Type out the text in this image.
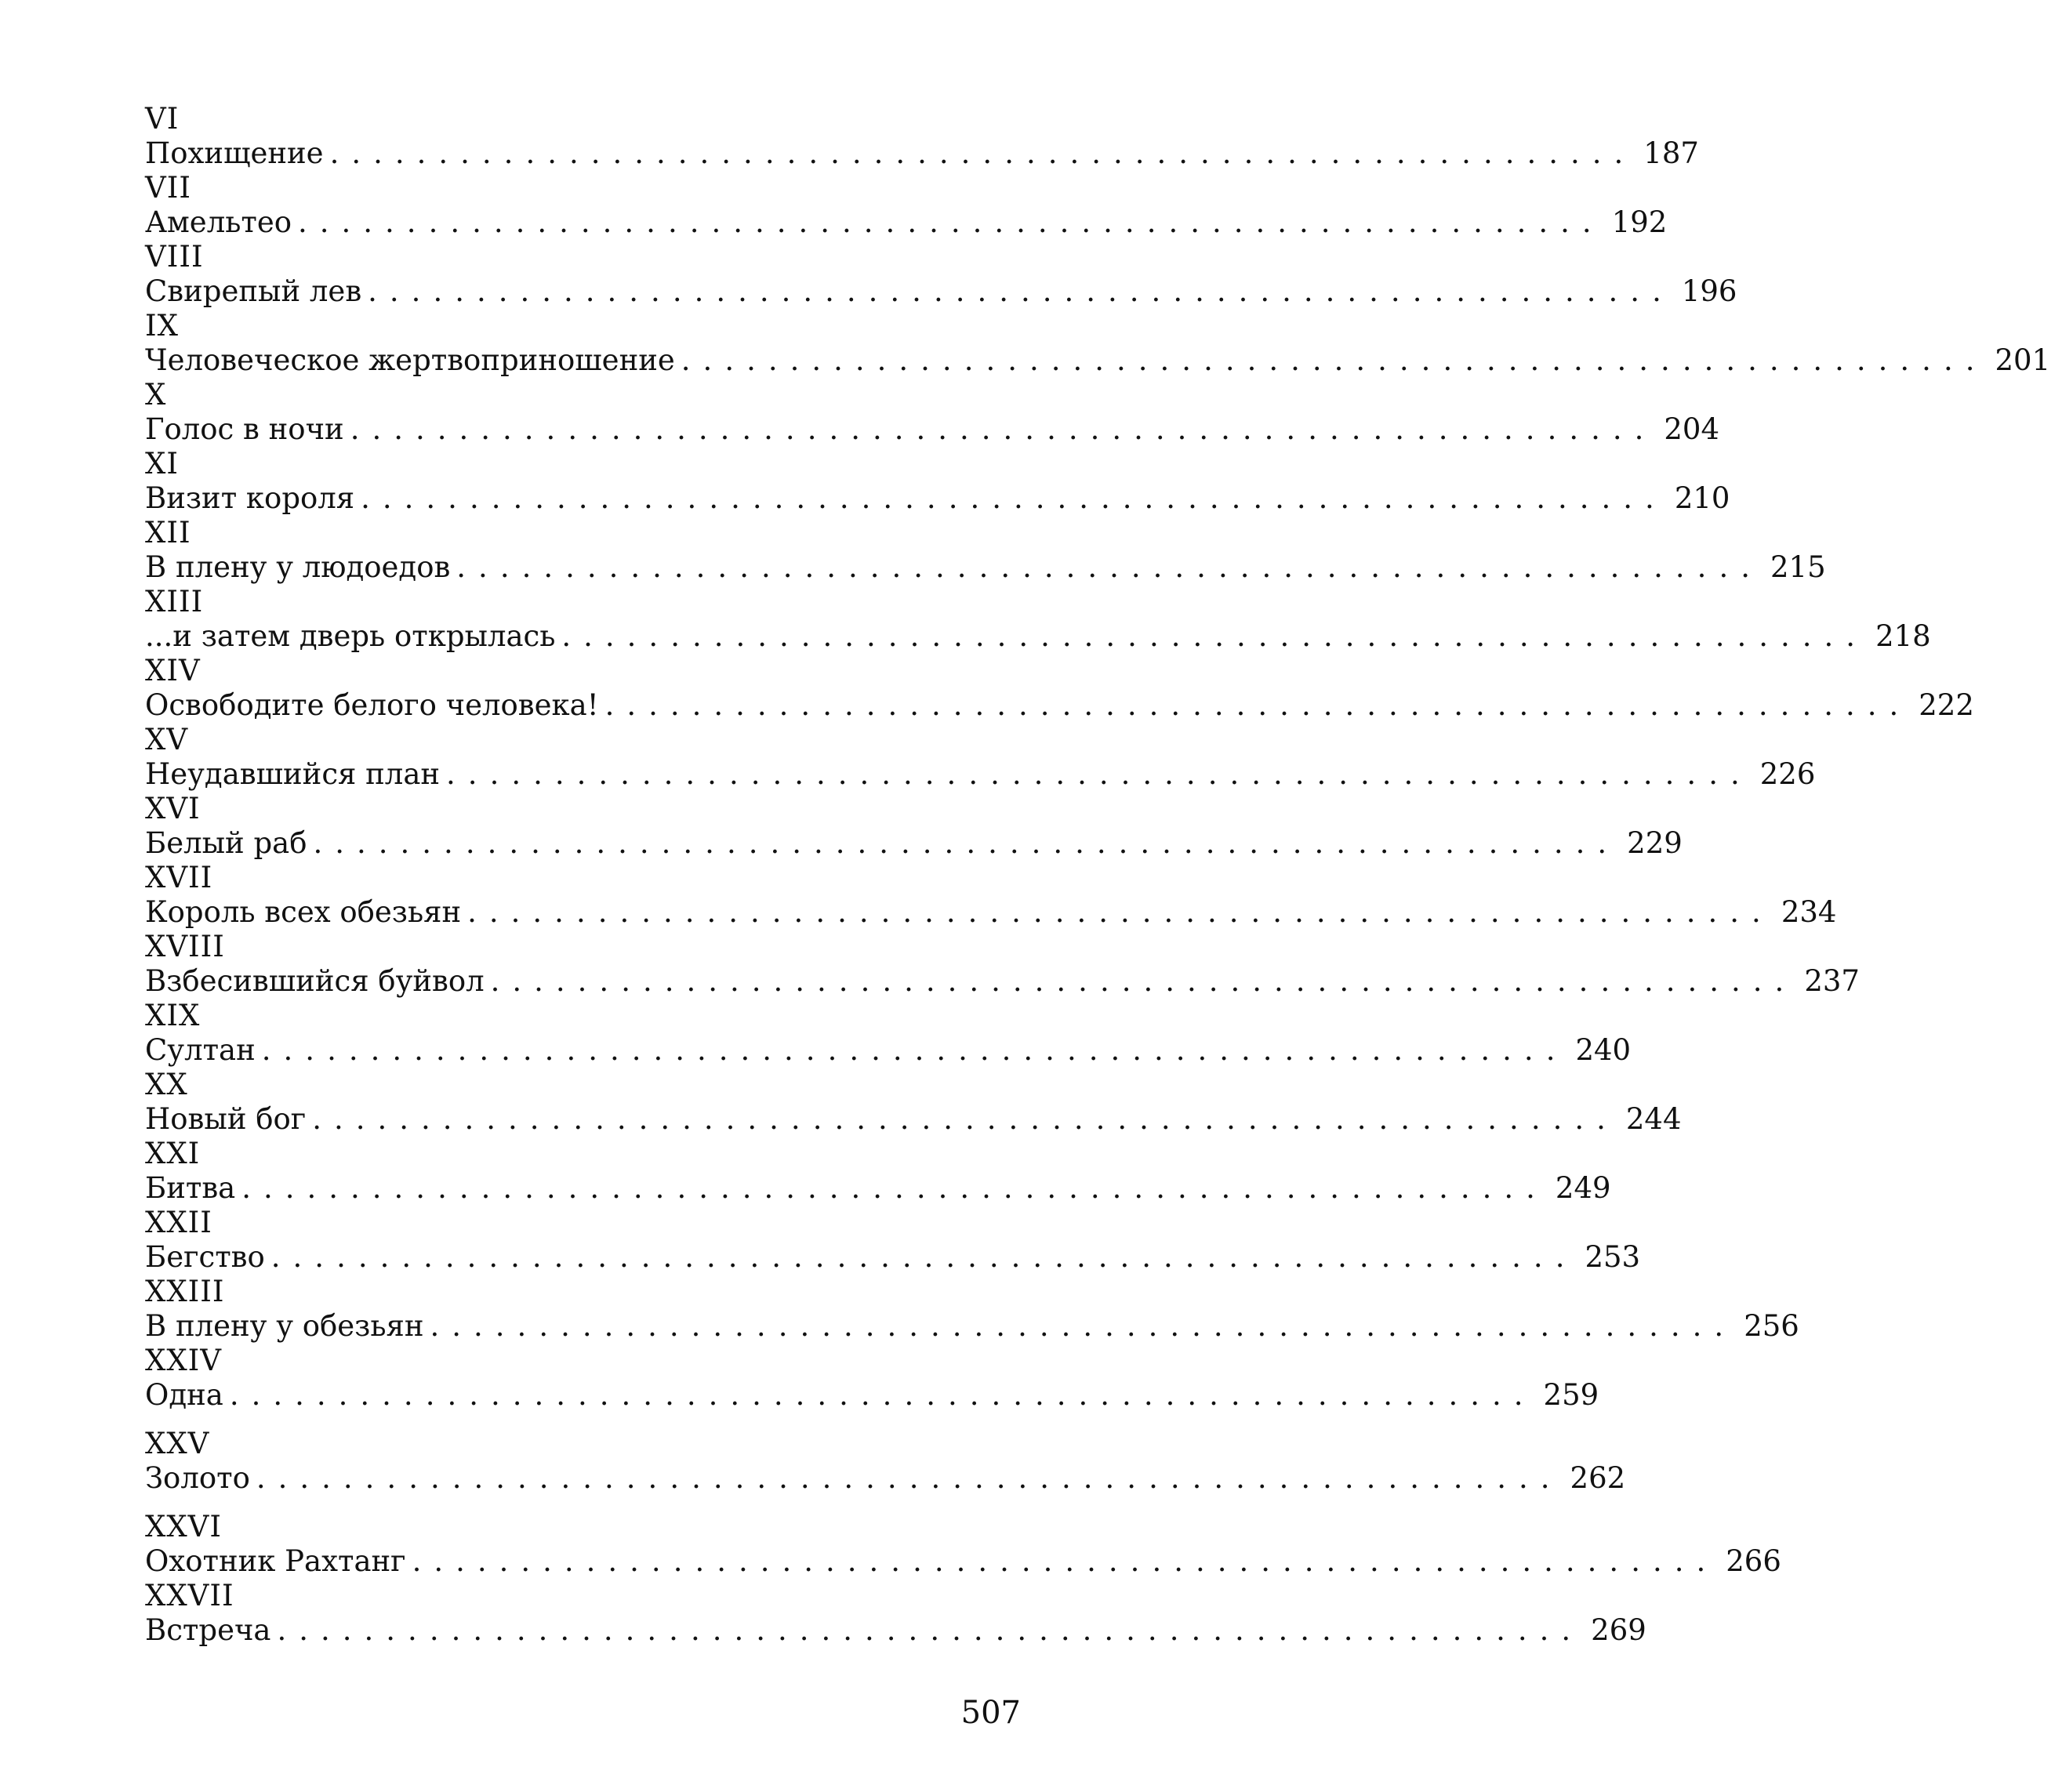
VI
Похищение ............................................................ 187
VII
Амельтео ............................................................ 192
VIII
Свирепый лев ............................................................ 196
IX
Человеческое жертвоприношение ............................................................ 201
X
Голос в ночи ............................................................ 204
XI
Визит короля ............................................................ 210
XII
В плену у людоедов ............................................................ 215
XIII
...и затем дверь открылась ............................................................ 218
XIV
Освободите белого человека! ............................................................ 222
XV
Неудавшийся план ............................................................ 226
XVI
Белый раб ............................................................ 229
XVII
Король всех обезьян ............................................................ 234
XVIII
Взбесившийся буйвол ............................................................ 237
XIX
Султан ............................................................ 240
XX
Новый бог ............................................................ 244
XXI
Битва ............................................................ 249
XXII
Бегство ............................................................ 253
XXIII
В плену у обезьян ............................................................ 256
XXIV
Одна ............................................................ 259
XXV
Золото ............................................................ 262
XXVI
Охотник Рахтанг ............................................................ 266
XXVII
Встреча ............................................................ 269
507
